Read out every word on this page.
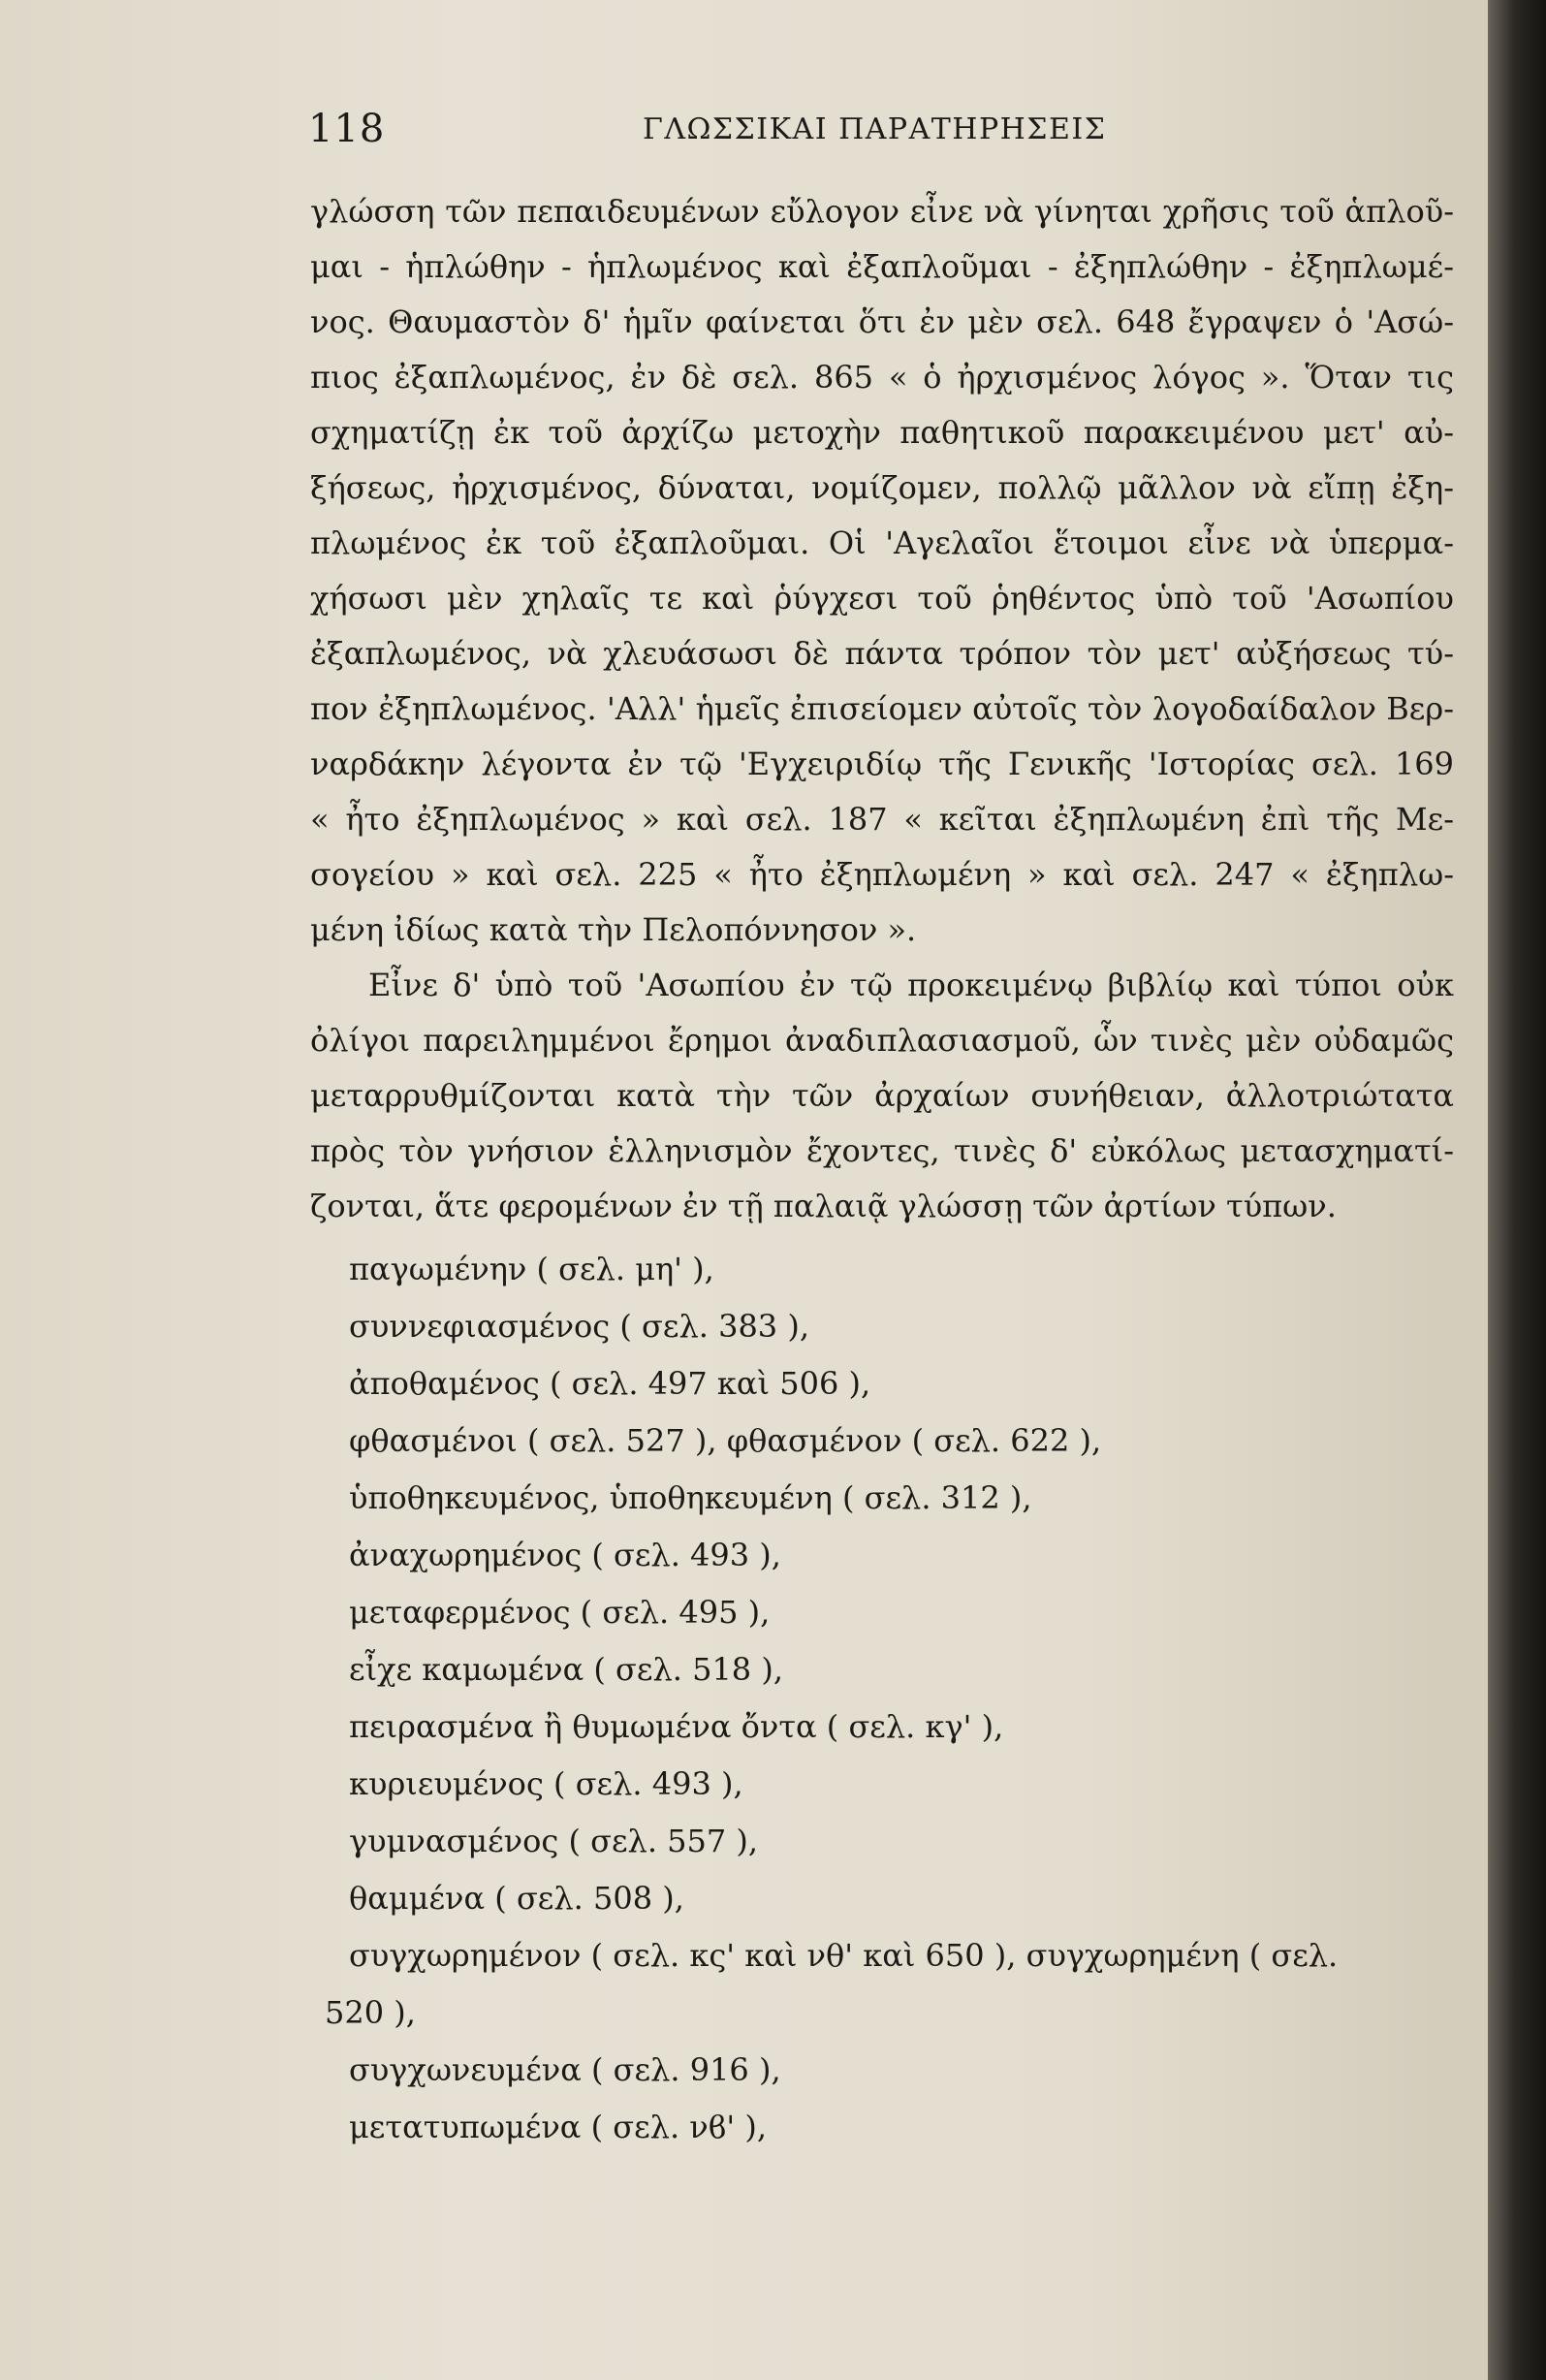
118	ΓΛΩΣΣΙΚΑΙ ΠΑΡΑΤΗΡΗΣΕΙΣ
γλώσση τῶν πεπαιδευμένων εὔλογον εἶνε νὰ γίνηται χρῆσις τοῦ ἁπλοῦ-
μαι - ἡπλώθην - ἡπλωμένος καὶ ἐξαπλοῦμαι - ἐξηπλώθην - ἐξηπλωμέ-
νος. Θαυμαστὸν δ' ἡμῖν φαίνεται ὅτι ἐν μὲν σελ. 648 ἔγραψεν ὁ 'Ασώ-
πιος ἐξαπλωμένος, ἐν δὲ σελ. 865 « ὁ ἠρχισμένος λόγος ». Ὅταν τις
σχηματίζῃ ἐκ τοῦ ἀρχίζω μετοχὴν παθητικοῦ παρακειμένου μετ' αὐ-
ξήσεως, ἠρχισμένος, δύναται, νομίζομεν, πολλῷ μᾶλλον νὰ εἴπῃ ἐξη-
πλωμένος ἐκ τοῦ ἐξαπλοῦμαι. Οἱ 'Αγελαῖοι ἕτοιμοι εἶνε νὰ ὑπερμα-
χήσωσι μὲν χηλαῖς τε καὶ ῥύγχεσι τοῦ ῥηθέντος ὑπὸ τοῦ 'Ασωπίου
ἐξαπλωμένος, νὰ χλευάσωσι δὲ πάντα τρόπον τὸν μετ' αὐξήσεως τύ-
πον ἐξηπλωμένος. 'Αλλ' ἡμεῖς ἐπισείομεν αὐτοῖς τὸν λογοδαίδαλον Βερ-
ναρδάκην λέγοντα ἐν τῷ 'Εγχειριδίῳ τῆς Γενικῆς 'Ιστορίας σελ. 169
« ἦτο ἐξηπλωμένος » καὶ σελ. 187 « κεῖται ἐξηπλωμένη ἐπὶ τῆς Με-
σογείου » καὶ σελ. 225 « ἦτο ἐξηπλωμένη » καὶ σελ. 247 « ἐξηπλω-
μένη ἰδίως κατὰ τὴν Πελοπόννησον ».
Εἶνε δ' ὑπὸ τοῦ 'Ασωπίου ἐν τῷ προκειμένῳ βιβλίῳ καὶ τύποι οὐκ
ὀλίγοι παρειλημμένοι ἔρημοι ἀναδιπλασιασμοῦ, ὧν τινὲς μὲν οὐδαμῶς
μεταρρυθμίζονται κατὰ τὴν τῶν ἀρχαίων συνήθειαν, ἀλλοτριώτατα
πρὸς τὸν γνήσιον ἑλληνισμὸν ἔχοντες, τινὲς δ' εὐκόλως μετασχηματί-
ζονται, ἅτε φερομένων ἐν τῇ παλαιᾷ γλώσσῃ τῶν ἀρτίων τύπων.
παγωμένην ( σελ. μη' ),
συννεφιασμένος ( σελ. 383 ),
ἀποθαμένος ( σελ. 497 καὶ 506 ),
φθασμένοι ( σελ. 527 ), φθασμένον ( σελ. 622 ),
ὑποθηκευμένος, ὑποθηκευμένη ( σελ. 312 ),
ἀναχωρημένος ( σελ. 493 ),
μεταφερμένος ( σελ. 495 ),
εἶχε καμωμένα ( σελ. 518 ),
πειρασμένα ἢ θυμωμένα ὄντα ( σελ. κγ' ),
κυριευμένος ( σελ. 493 ),
γυμνασμένος ( σελ. 557 ),
θαμμένα ( σελ. 508 ),
συγχωρημένον ( σελ. κς' καὶ νθ' καὶ 650 ), συγχωρημένη ( σελ.
520 ),
συγχωνευμένα ( σελ. 916 ),
μετατυπωμένα ( σελ. νϐ' ),
